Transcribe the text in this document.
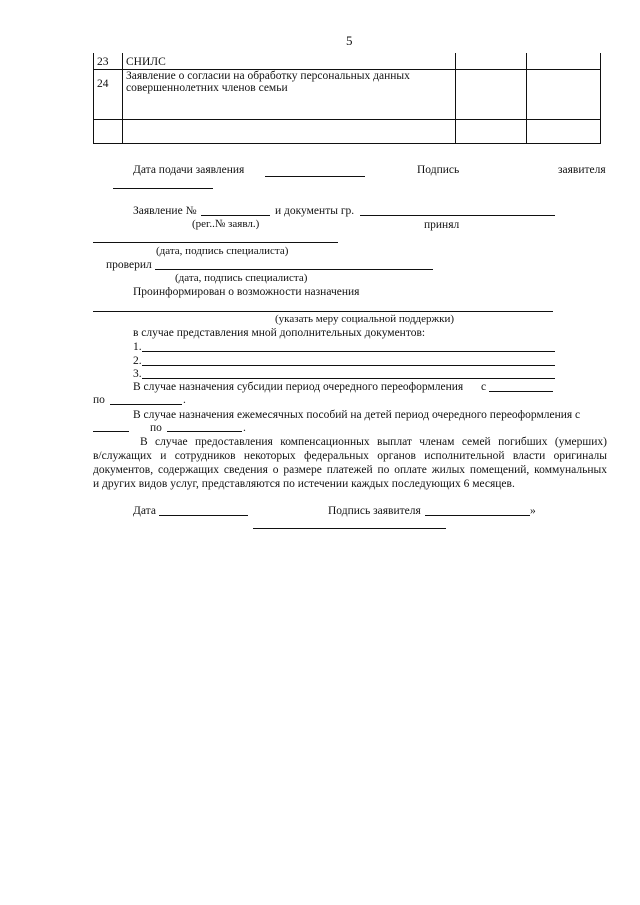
5
23	СНИЛС		
24	Заявление о согласии на обработку персональных данных совершеннолетних членов семьи		

Дата подачи заявления	Подпись	заявителя
Заявление №	и документы гр.
(рег..№ заявл.)	принял
(дата, подпись специалиста)
проверил
(дата, подпись специалиста)
Проинформирован о возможности назначения
(указать меру социальной поддержки)
в случае представления мной дополнительных документов:
1.
2.
3.
В случае назначения субсидии период очередного переоформления с
по	.
В случае назначения ежемесячных пособий на детей период очередного переоформления с
по	.
В случае предоставления компенсационных выплат членам семей погибших (умерших)
в/служащих и сотрудников некоторых федеральных органов исполнительной власти оригиналы
документов, содержащих сведения о размере платежей по оплате жилых помещений, коммунальных
и других видов услуг, представляются по истечении каждых последующих 6 месяцев.
Дата	Подпись заявителя	»
